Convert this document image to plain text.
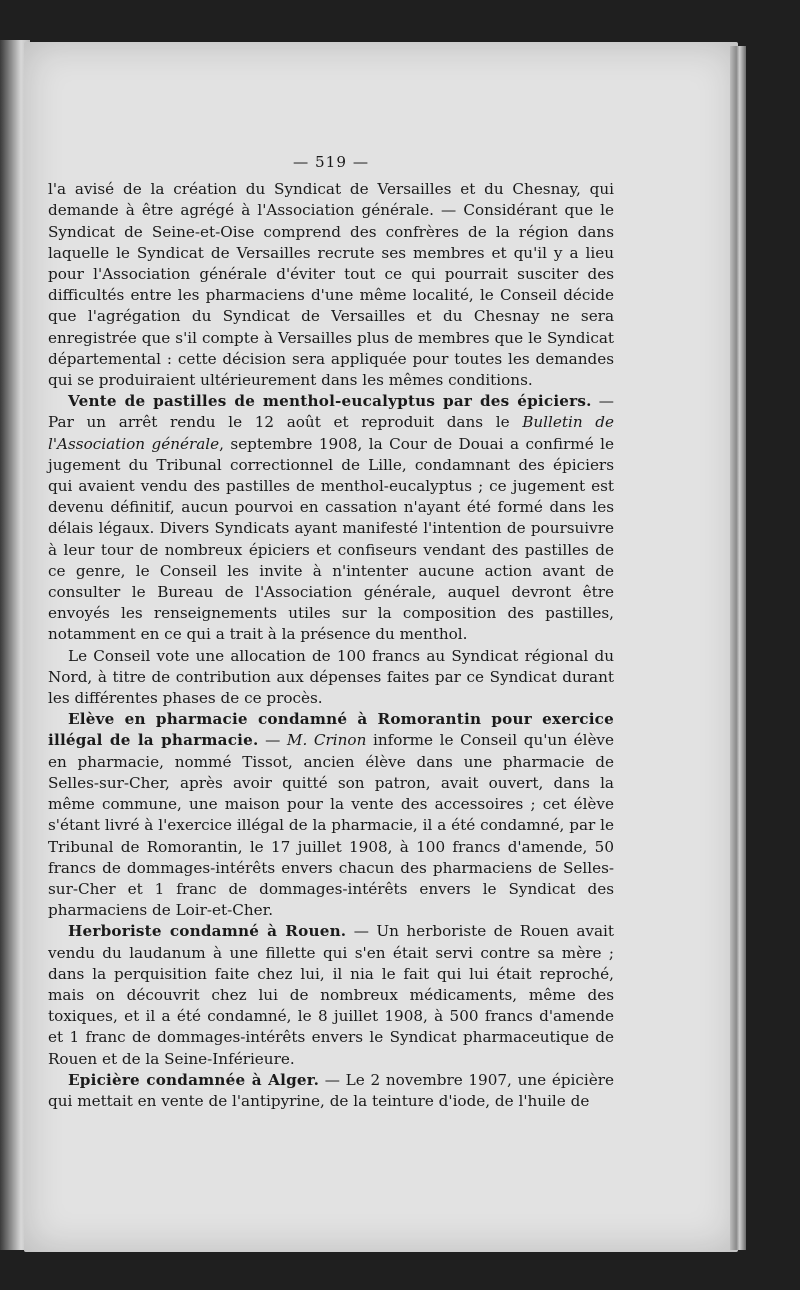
— 519 —

l'a avisé de la création du Syndicat de Versailles et du Chesnay, qui demande à être agrégé à l'Association générale. — Considérant que le Syndicat de Seine-et-Oise comprend des confrères de la région dans laquelle le Syndicat de Versailles recrute ses membres et qu'il y a lieu pour l'Association générale d'éviter tout ce qui pourrait susciter des difficultés entre les pharmaciens d'une même localité, le Conseil décide que l'agrégation du Syndicat de Versailles et du Chesnay ne sera enregistrée que s'il compte à Versailles plus de membres que le Syndicat départemental : cette décision sera appliquée pour toutes les demandes qui se produiraient ultérieurement dans les mêmes conditions.

Vente de pastilles de menthol-eucalyptus par des épiciers. — Par un arrêt rendu le 12 août et reproduit dans le Bulletin de l'Association générale, septembre 1908, la Cour de Douai a confirmé le jugement du Tribunal correctionnel de Lille, condamnant des épiciers qui avaient vendu des pastilles de menthol-eucalyptus ; ce jugement est devenu définitif, aucun pourvoi en cassation n'ayant été formé dans les délais légaux. Divers Syndicats ayant manifesté l'intention de poursuivre à leur tour de nombreux épiciers et confiseurs vendant des pastilles de ce genre, le Conseil les invite à n'intenter aucune action avant de consulter le Bureau de l'Association générale, auquel devront être envoyés les renseignements utiles sur la composition des pastilles, notamment en ce qui a trait à la présence du menthol.

Le Conseil vote une allocation de 100 francs au Syndicat régional du Nord, à titre de contribution aux dépenses faites par ce Syndicat durant les différentes phases de ce procès.

Elève en pharmacie condamné à Romorantin pour exercice illégal de la pharmacie. — M. Crinon informe le Conseil qu'un élève en pharmacie, nommé Tissot, ancien élève dans une pharmacie de Selles-sur-Cher, après avoir quitté son patron, avait ouvert, dans la même commune, une maison pour la vente des accessoires ; cet élève s'étant livré à l'exercice illégal de la pharmacie, il a été condamné, par le Tribunal de Romorantin, le 17 juillet 1908, à 100 francs d'amende, 50 francs de dommages-intérêts envers chacun des pharmaciens de Selles-sur-Cher et 1 franc de dommages-intérêts envers le Syndicat des pharmaciens de Loir-et-Cher.

Herboriste condamné à Rouen. — Un herboriste de Rouen avait vendu du laudanum à une fillette qui s'en était servi contre sa mère ; dans la perquisition faite chez lui, il nia le fait qui lui était reproché, mais on découvrit chez lui de nombreux médicaments, même des toxiques, et il a été condamné, le 8 juillet 1908, à 500 francs d'amende et 1 franc de dommages-intérêts envers le Syndicat pharmaceutique de Rouen et de la Seine-Inférieure.

Epicière condamnée à Alger. — Le 2 novembre 1907, une épicière qui mettait en vente de l'antipyrine, de la teinture d'iode, de l'huile de
